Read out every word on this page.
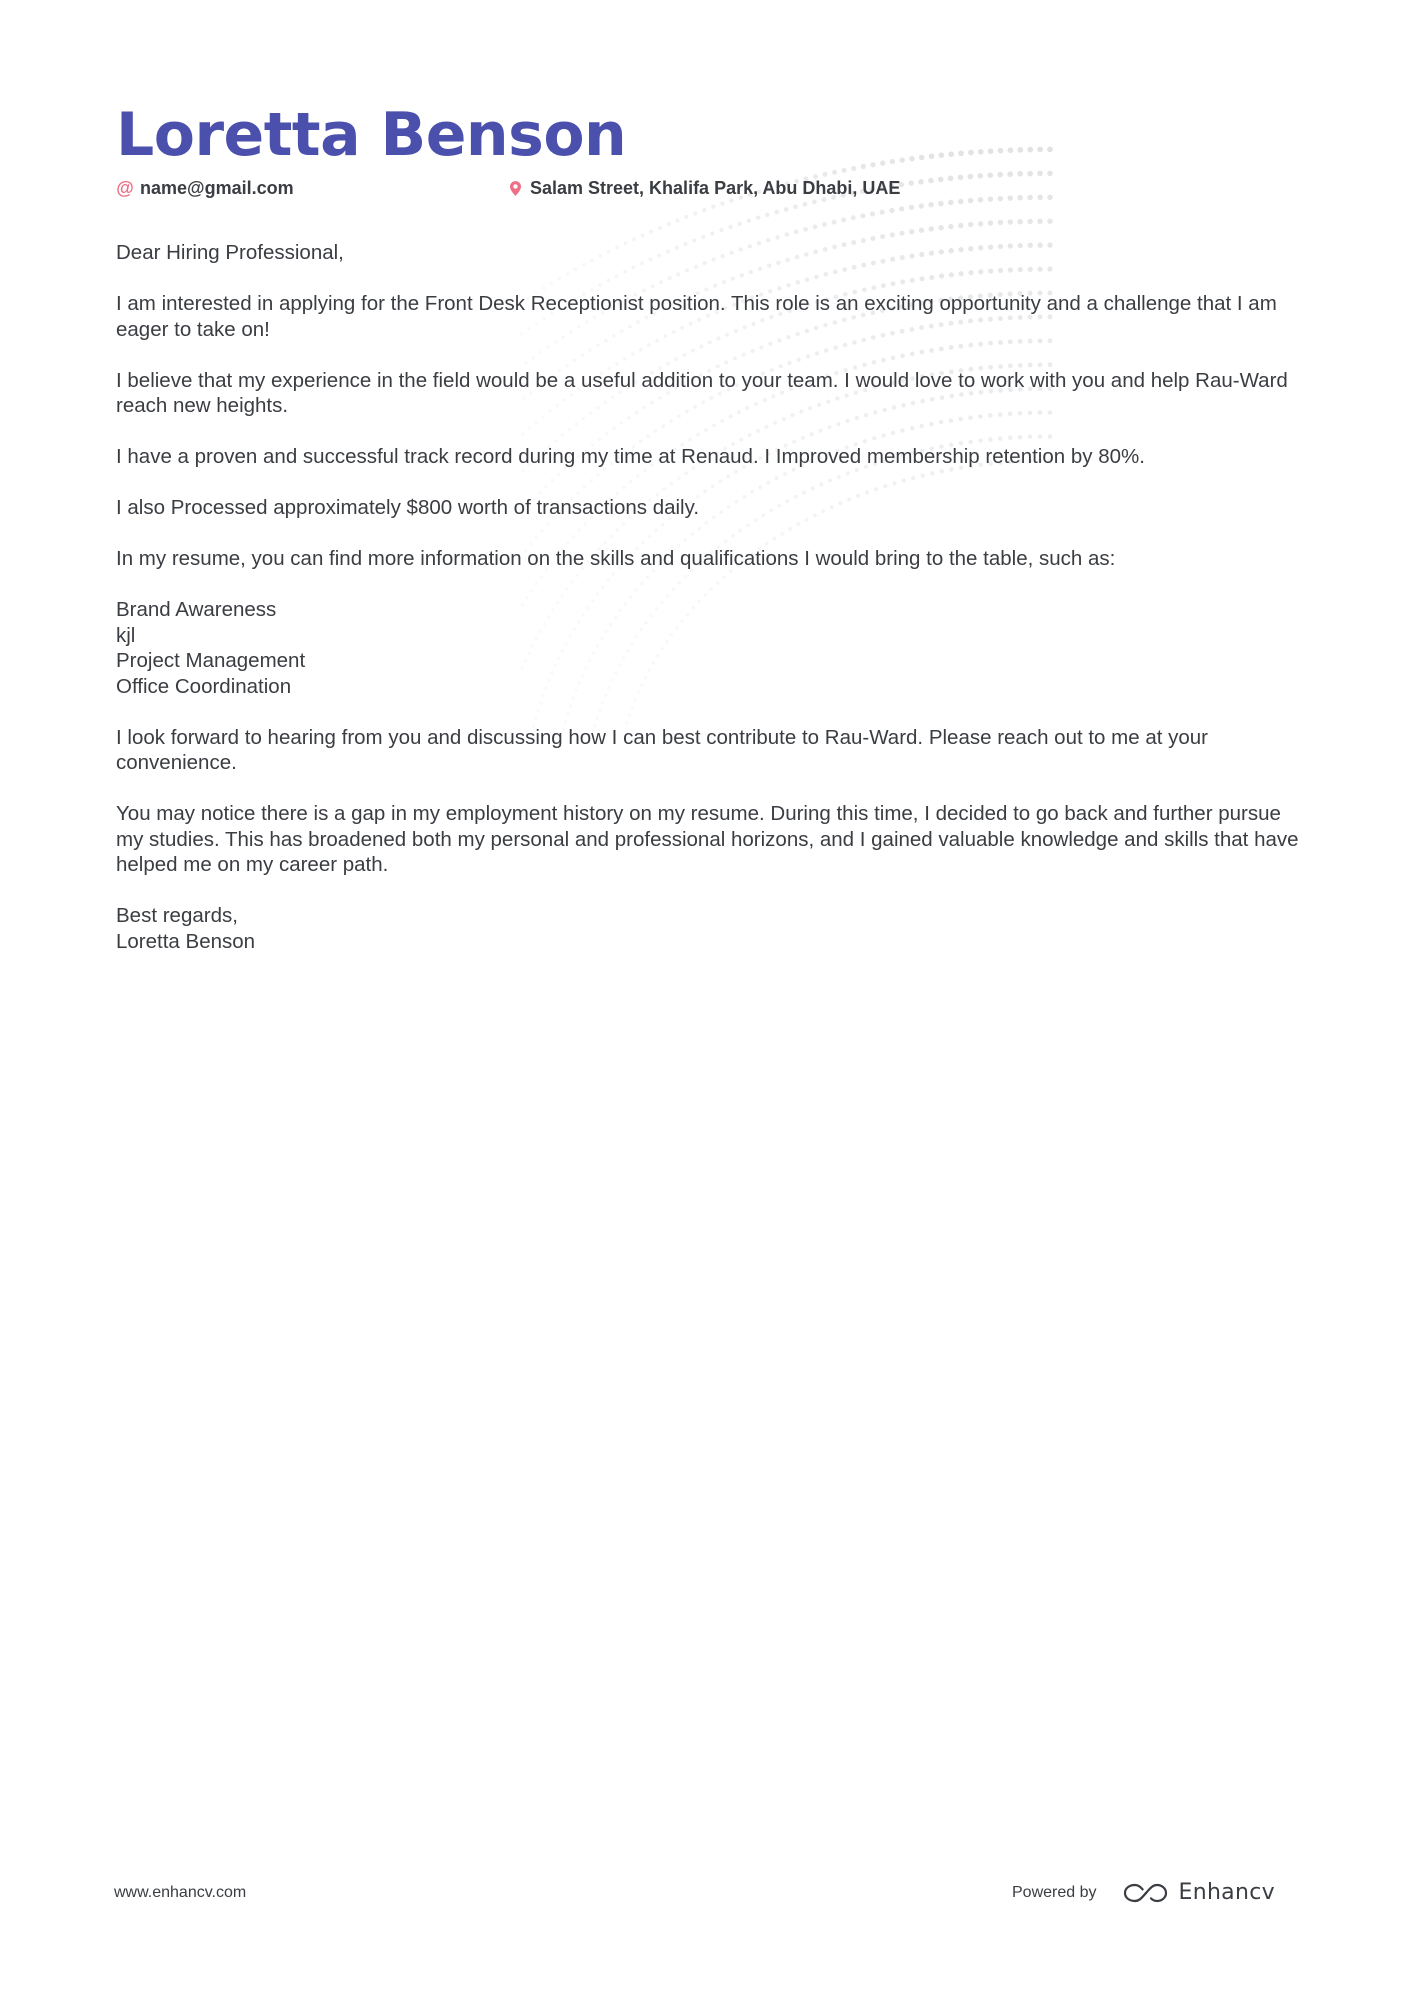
Loretta Benson
@ name@gmail.com	Salam Street, Khalifa Park, Abu Dhabi, UAE

Dear Hiring Professional,

I am interested in applying for the Front Desk Receptionist position. This role is an exciting opportunity and a challenge that I am eager to take on!

I believe that my experience in the field would be a useful addition to your team. I would love to work with you and help Rau-Ward reach new heights.

I have a proven and successful track record during my time at Renaud. I Improved membership retention by 80%.

I also Processed approximately $800 worth of transactions daily.

In my resume, you can find more information on the skills and qualifications I would bring to the table, such as:

Brand Awareness
kjl
Project Management
Office Coordination

I look forward to hearing from you and discussing how I can best contribute to Rau-Ward. Please reach out to me at your convenience.

You may notice there is a gap in my employment history on my resume. During this time, I decided to go back and further pursue my studies. This has broadened both my personal and professional horizons, and I gained valuable knowledge and skills that have helped me on my career path.

Best regards,

Loretta Benson

www.enhancv.com	Powered by	Enhancv
